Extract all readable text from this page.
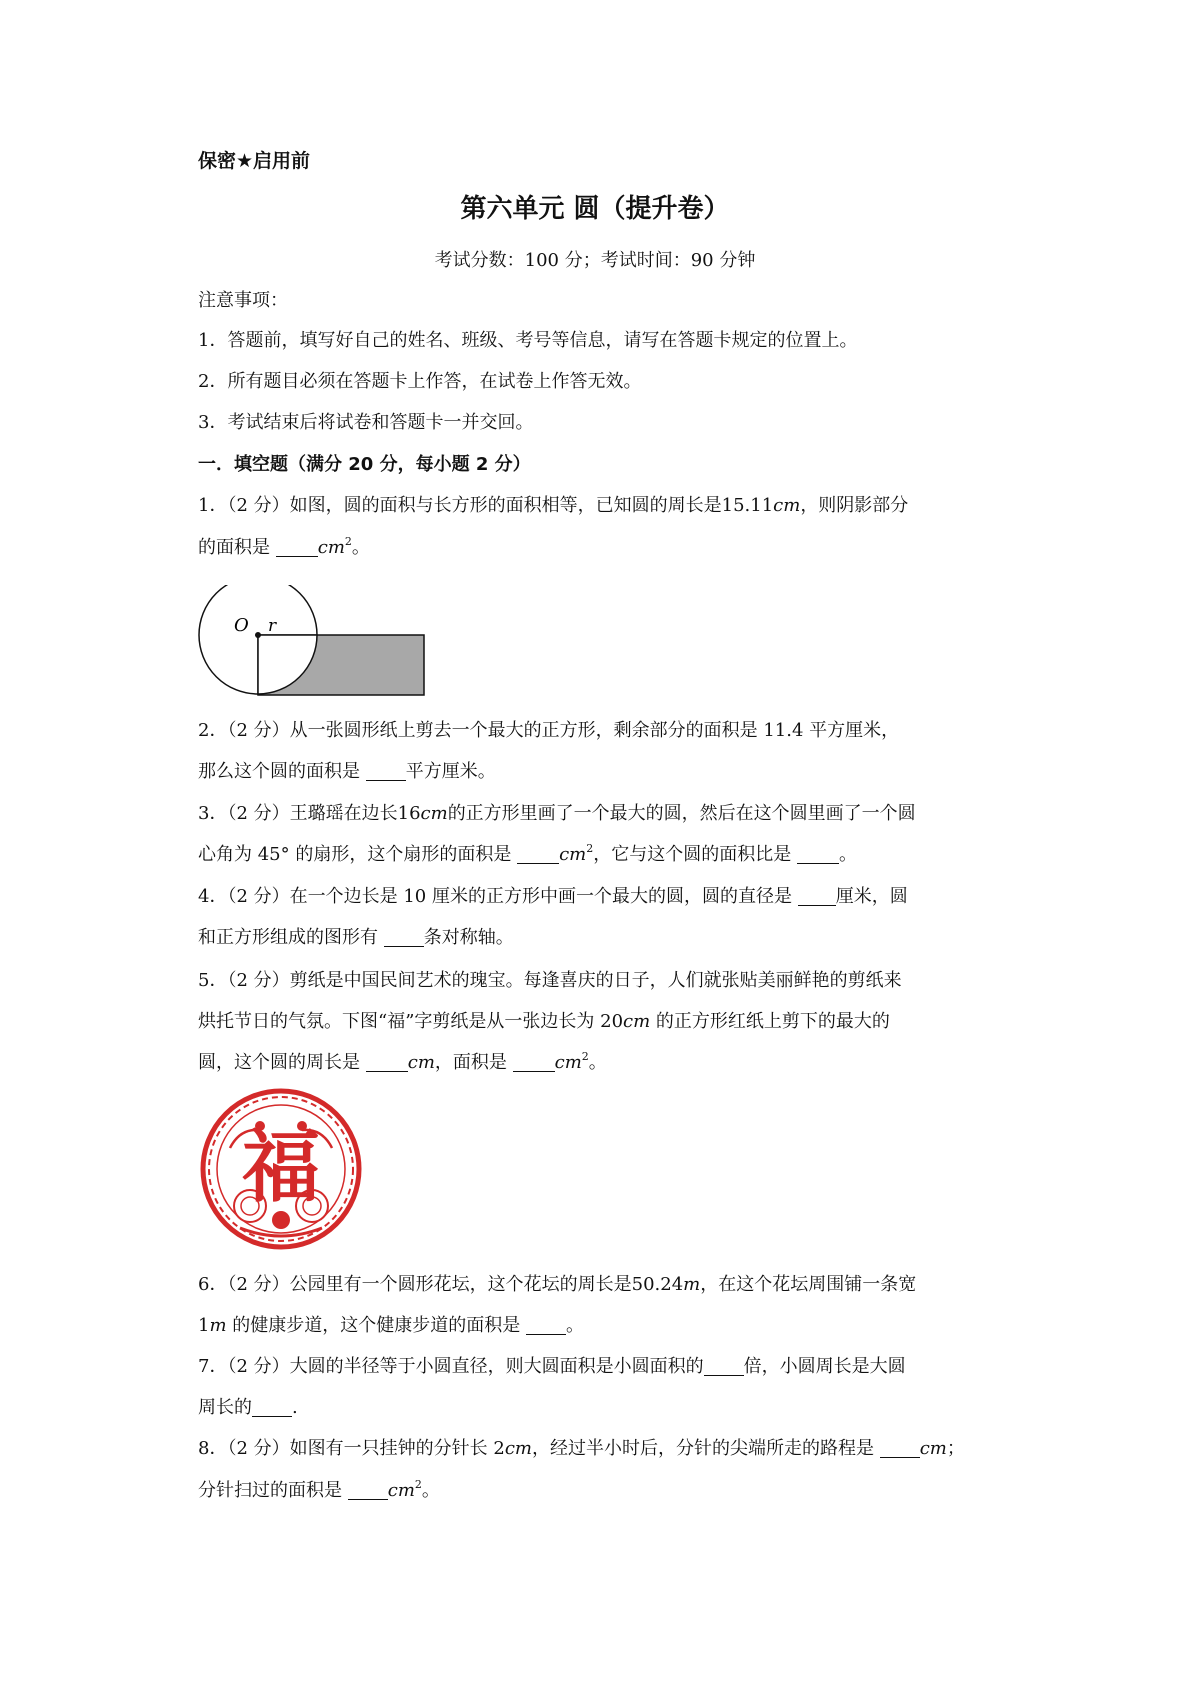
保密★启用前
第六单元 圆（提升卷）
考试分数：100 分；考试时间：90 分钟
注意事项：
1．答题前，填写好自己的姓名、班级、考号等信息，请写在答题卡规定的位置上。
2．所有题目必须在答题卡上作答，在试卷上作答无效。
3．考试结束后将试卷和答题卡一并交回。
一．填空题（满分 20 分，每小题 2 分）
1．（2 分）如图，圆的面积与长方形的面积相等，已知圆的周长是15.11cm，则阴影部分
的面积是 $cm^2$。
O r
2．（2 分）从一张圆形纸上剪去一个最大的正方形，剩余部分的面积是 11.4 平方厘米，
那么这个圆的面积是 平方厘米。
3．（2 分）王璐瑶在边长16cm的正方形里画了一个最大的圆，然后在这个圆里画了一个圆
心角为 45° 的扇形，这个扇形的面积是 $cm^2$，它与这个圆的面积比是 。
4．（2 分）在一个边长是 10 厘米的正方形中画一个最大的圆，圆的直径是 厘米，圆
和正方形组成的图形有 条对称轴。
5．（2 分）剪纸是中国民间艺术的瑰宝。每逢喜庆的日子，人们就张贴美丽鲜艳的剪纸来
烘托节日的气氛。下图“福”字剪纸是从一张边长为 20cm 的正方形红纸上剪下的最大的
圆，这个圆的周长是 cm，面积是 $cm^2$。
福
6．（2 分）公园里有一个圆形花坛，这个花坛的周长是50.24m，在这个花坛周围铺一条宽
1m 的健康步道，这个健康步道的面积是 。
7．（2 分）大圆的半径等于小圆直径，则大圆面积是小圆面积的 倍，小圆周长是大圆
周长的 .
8．（2 分）如图有一只挂钟的分针长 2cm，经过半小时后，分针的尖端所走的路程是 cm；
分针扫过的面积是 $cm^2$。
